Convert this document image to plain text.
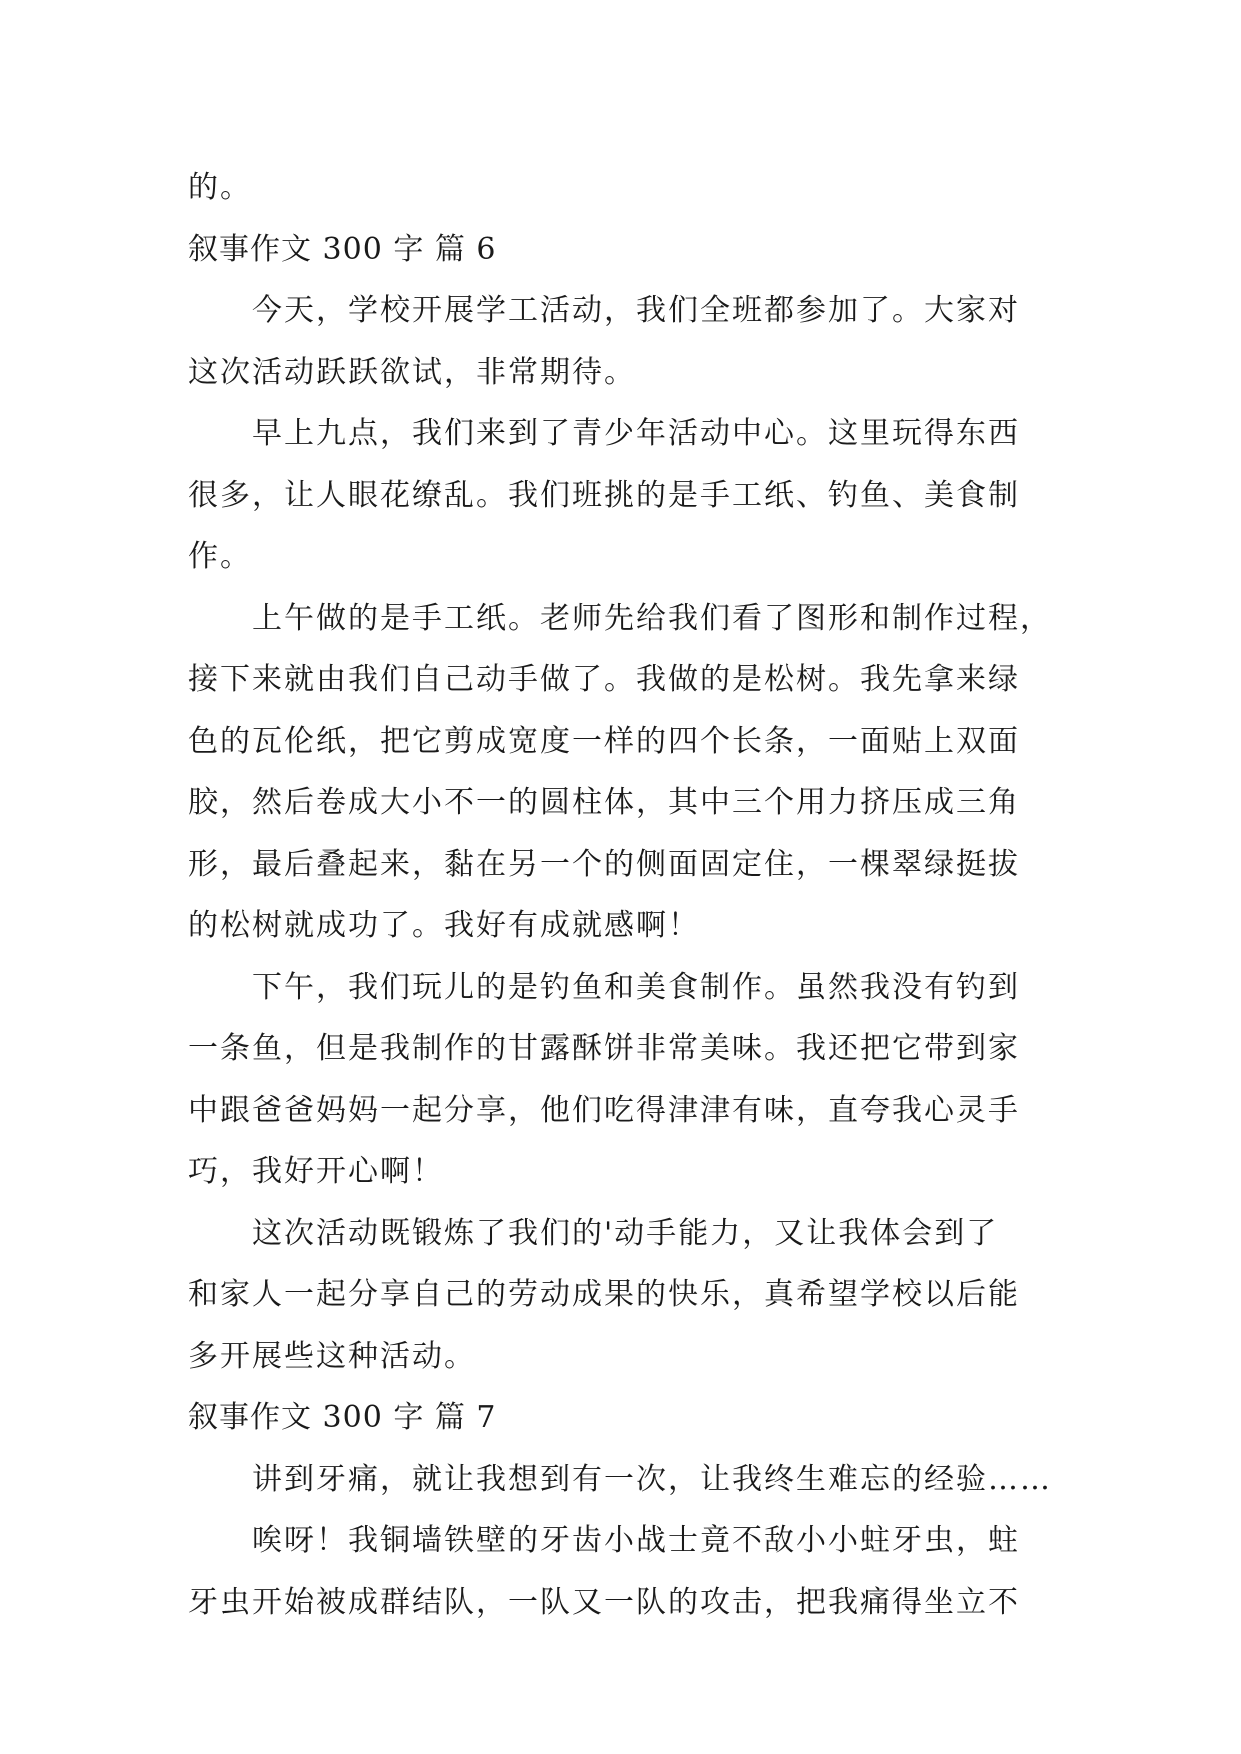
的。
叙事作文 300 字 篇 6
今天，学校开展学工活动，我们全班都参加了。大家对
这次活动跃跃欲试，非常期待。
早上九点，我们来到了青少年活动中心。这里玩得东西
很多，让人眼花缭乱。我们班挑的是手工纸、钓鱼、美食制
作。
上午做的是手工纸。老师先给我们看了图形和制作过程，
接下来就由我们自己动手做了。我做的是松树。我先拿来绿
色的瓦伦纸，把它剪成宽度一样的四个长条，一面贴上双面
胶，然后卷成大小不一的圆柱体，其中三个用力挤压成三角
形，最后叠起来，黏在另一个的侧面固定住，一棵翠绿挺拔
的松树就成功了。我好有成就感啊！
下午，我们玩儿的是钓鱼和美食制作。虽然我没有钓到
一条鱼，但是我制作的甘露酥饼非常美味。我还把它带到家
中跟爸爸妈妈一起分享，他们吃得津津有味，直夸我心灵手
巧，我好开心啊！
这次活动既锻炼了我们的'动手能力，又让我体会到了
和家人一起分享自己的劳动成果的快乐，真希望学校以后能
多开展些这种活动。
叙事作文 300 字 篇 7
讲到牙痛，就让我想到有一次，让我终生难忘的经验……
唉呀！我铜墙铁壁的牙齿小战士竟不敌小小蛀牙虫，蛀
牙虫开始被成群结队，一队又一队的攻击，把我痛得坐立不
